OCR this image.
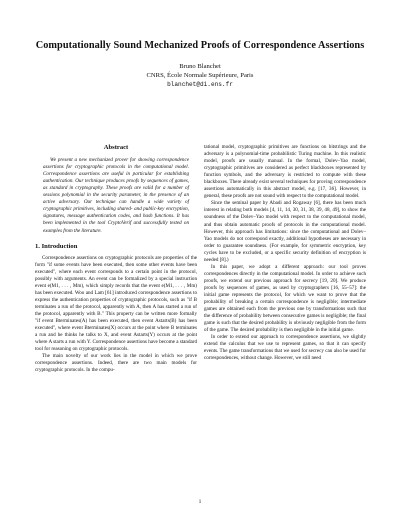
Computationally Sound Mechanized Proofs of Correspondence Assertions
Bruno Blanchet
CNRS, École Normale Supérieure, Paris
blanchet@di.ens.fr
Abstract

We present a new mechanized prover for showing correspondence assertions for cryptographic protocols in the computational model. Correspondence assertions are useful in particular for establishing authentication. Our technique produces proofs by sequences of games, as standard in cryptography. These proofs are valid for a number of sessions polynomial in the security parameter, in the presence of an active adversary. Our technique can handle a wide variety of cryptographic primitives, including shared- and public-key encryption, signatures, message authentication codes, and hash functions. It has been implemented in the tool CryptoVerif and successfully tested on examples from the literature.

1. Introduction

Correspondence assertions on cryptographic protocols are properties of the form "if some events have been executed, then some other events have been executed", where each event corresponds to a certain point in the protocol, possibly with arguments. An event can be formalized by a special instruction event e(M1, . . . , Mm), which simply records that the event e(M1, . . . , Mm) has been executed. Woo and Lam [61] introduced correspondence assertions to express the authentication properties of cryptographic protocols, such as "if B terminates a run of the protocol, apparently with A, then A has started a run of the protocol, apparently with B." This property can be written more formally "if event Bterminates(A) has been executed, then event Astarts(B) has been executed", where event Bterminates(X) occurs at the point where B terminates a run and he thinks he talks to X, and event Astarts(Y) occurs at the point where A starts a run with Y. Correspondence assertions have become a standard tool for reasoning on cryptographic protocols.

The main novelty of our work lies in the model in which we prove correspondence assertions. Indeed, there are two main models for cryptographic protocols. In the compu-

tational model, cryptographic primitives are functions on bitstrings and the adversary is a polynomial-time probabilistic Turing machine. In this realistic model, proofs are usually manual. In the formal, Dolev–Yao model, cryptographic primitives are considered as perfect blackboxes represented by function symbols, and the adversary is restricted to compute with these blackboxes. There already exist several techniques for proving correspondence assertions automatically in this abstract model, e.g. [17, 36]. However, in general, these proofs are not sound with respect to the computational model.

Since the seminal paper by Abadi and Rogaway [6], there has been much interest in relating both models [4, 11, 14, 30, 31, 38, 39, 48, 49], to show the soundness of the Dolev–Yao model with respect to the computational model, and thus obtain automatic proofs of protocols in the computational model. However, this approach has limitations: since the computational and Dolev–Yao models do not correspond exactly, additional hypotheses are necessary in order to guarantee soundness. (For example, for symmetric encryption, key cycles have to be excluded, or a specific security definition of encryption is needed [8].)

In this paper, we adopt a different approach: our tool proves correspondences directly in the computational model. In order to achieve such proofs, we extend our previous approach for secrecy [19, 20]. We produce proofs by sequences of games, as used by cryptographers [16, 55–57]: the initial game represents the protocol, for which we want to prove that the probability of breaking a certain correspondence is negligible; intermediate games are obtained each from the previous one by transformations such that the difference of probability between consecutive games is negligible; the final game is such that the desired probability is obviously negligible from the form of the game. The desired probability is then negligible in the initial game.

In order to extend our approach to correspondence assertions, we slightly extend the calculus that we use to represent games, so that it can specify events. The game transformations that we used for secrecy can also be used for correspondences, without change. However, we still need

1
